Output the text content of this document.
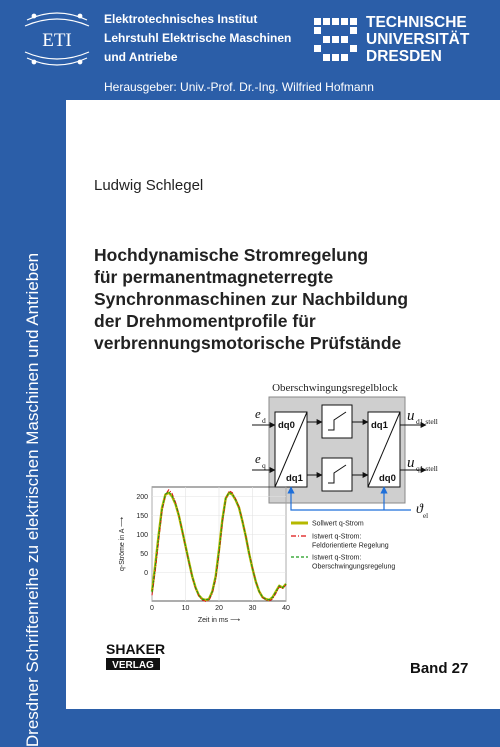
ETI
Elektrotechnisches Institut
Lehrstuhl Elektrische Maschinen
und Antriebe
TECHNISCHE
UNIVERSITÄT
DRESDEN
Herausgeber: Univ.-Prof. Dr.-Ing. Wilfried Hofmann
Dresdner Schriftenreihe zu elektrischen Maschinen und Antrieben
Ludwig Schlegel
Hochdynamische Stromregelung
für permanentmagneterregte
Synchronmaschinen zur Nachbildung
der Drehmomentprofile für
verbrennungsmotorische Prüfstände
Oberschwingungsregelblock
dq0
dq1
dq1
dq0
e d
e q
u d1 stell
u q1 stell
ϑ el
0
50
100
150
200
0	10	20	30	40
q-Ströme in A ⟶
Zeit in ms ⟶
Sollwert q-Strom
Istwert q-Strom: Feldorientierte Regelung
Istwert q-Strom: Oberschwingungsregelung
SHAKER
VERLAG	Band 27
